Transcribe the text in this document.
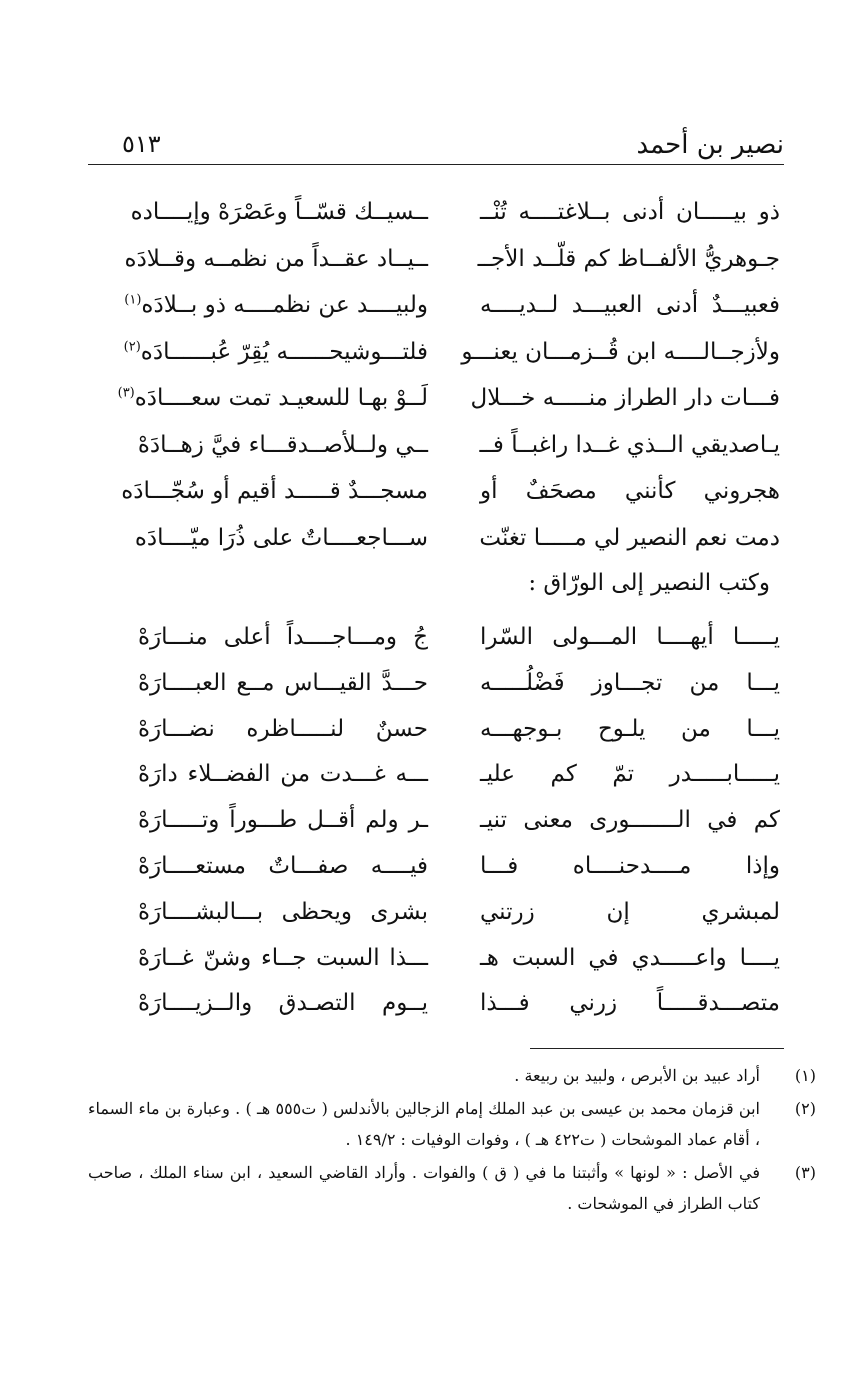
نصير بن أحمد
٥١٣
ذو بيـــــان أدنى بــلاغتــــه تُنْــ
ــسيــك قسّــاً وعَصْرَهْ وإيــــاده
جـوهريُّ الألفــاظ كم قلّــد الأجــ
ــيــاد عقــداً من نظمــه وقــلادَه
فعبيـــدٌ أدنى العبيـــد لــديــــه
ولبيــــد عن نظمــــه ذو بــلادَه$^{(١)}$
ولأزجــالــــه ابن قُــزمـــان يعنـــو
فلتـــوشيحــــــه يُقِرّ عُبــــــادَه$^{(٢)}$
فـــات دار الطراز منـــــه خـــلال
لَــوْ بهـا للسعيـد تمت سعــــادَه$^{(٣)}$
يـاصديقي الــذي غــدا راغبــاً فــ
ــي ولــلأصــدقـــاء فيَّ زهــادَهْ
هجروني كأنني مصحَفٌ أو
مسجـــدٌ قـــــد أقيم أو سُجّـــادَه
دمت نعم النصير لي مـــــا تغنّت
ســـاجعــــاتٌ على ذُرَا ميّــــادَه
وكتب النصير إلى الورّاق :
يـــــا أيهــــا المـــولى السّرا
جُ ومـــاجــــداً أعلى منـــارَهْ
يـــا من تجـــاوز فَضْلُـــــه
حـــدَّ القيـــاس مــع العبــــارَهْ
يـــا من يلـوح بـوجهـــه
حسنٌ لنـــــاظره نضـــارَهْ
يـــــابـــــدر تمّ كم عليـ
ـــه غـــدت من الفضــلاء دارَهْ
كم في الـــــــورى معنى تنيـ
ـر ولم أقــل طـــوراً وتـــــارَهْ
وإذا مــــدحنــــاه فـــا
فيــــه صفـــاتٌ مستعــــارَهْ
لمبشري إن زرتني
بشرى ويحظى بـــالبشــــارَهْ
يــــا واعـــــدي في السبت هـ
ـــذا السبت جــاء وشنّ غــارَهْ
متصـــدقـــــاً زرني فـــذا
يــوم التصـدق والــزيــــارَهْ
(١)
أراد عبيد بن الأبرص ، ولبيد بن ربيعة .
(٢)
ابن قزمان محمد بن عيسى بن عبد الملك إمام الزجالين بالأندلس ( ت٥٥٥ هـ ) . وعبارة بن ماء السماء ، أقام عماد الموشحات ( ت٤٢٢ هـ ) ، وفوات الوفيات : ١٤٩/٢ .
(٣)
في الأصل : « لونها » وأثبتنا ما في ( ق ) والفوات . وأراد القاضي السعيد ، ابن سناء الملك ، صاحب كتاب الطراز في الموشحات .
